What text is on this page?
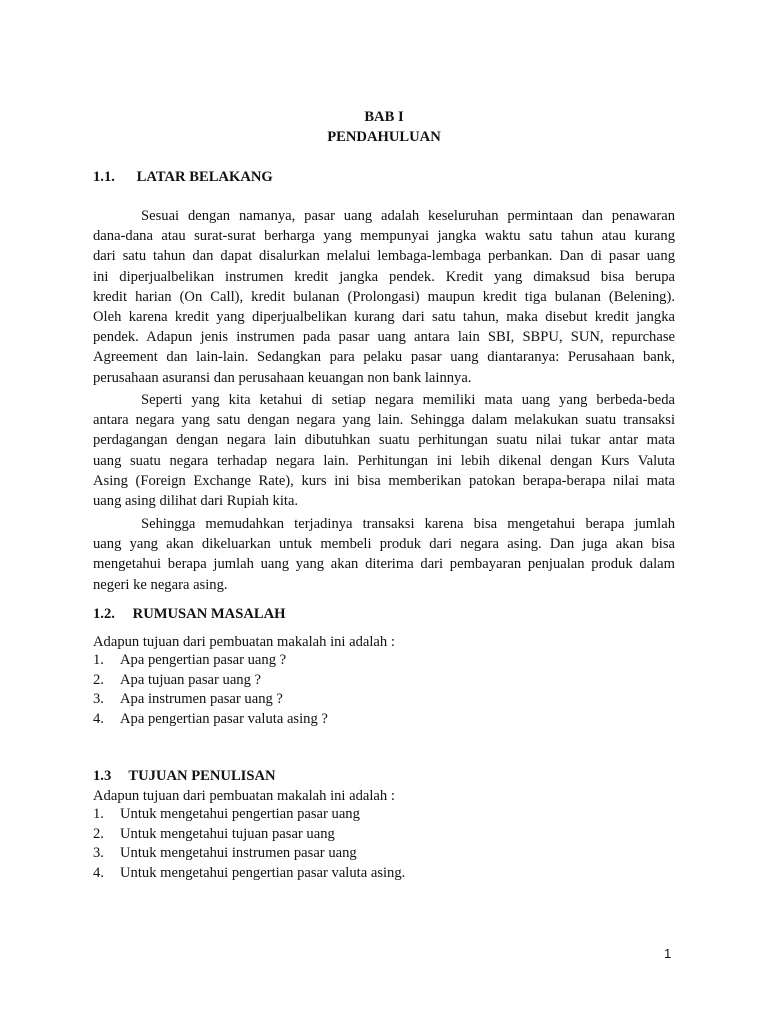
BAB I
PENDAHULUAN
1.1. LATAR BELAKANG

Sesuai dengan namanya, pasar uang adalah keseluruhan permintaan dan penawaran
dana-dana atau surat-surat berharga yang mempunyai jangka waktu satu tahun atau kurang
dari satu tahun dan dapat disalurkan melalui lembaga-lembaga perbankan. Dan di pasar uang
ini diperjualbelikan instrumen kredit jangka pendek. Kredit yang dimaksud bisa berupa
kredit harian (On Call), kredit bulanan (Prolongasi) maupun kredit tiga bulanan (Belening).
Oleh karena kredit yang diperjualbelikan kurang dari satu tahun, maka disebut kredit jangka
pendek. Adapun jenis instrumen pada pasar uang antara lain SBI, SBPU, SUN, repurchase
Agreement dan lain-lain. Sedangkan para pelaku pasar uang diantaranya: Perusahaan bank,
perusahaan asuransi dan perusahaan keuangan non bank lainnya.

Seperti yang kita ketahui di setiap negara memiliki mata uang yang berbeda-beda
antara negara yang satu dengan negara yang lain. Sehingga dalam melakukan suatu transaksi
perdagangan dengan negara lain dibutuhkan suatu perhitungan suatu nilai tukar antar mata
uang suatu negara terhadap negara lain. Perhitungan ini lebih dikenal dengan Kurs Valuta
Asing (Foreign Exchange Rate), kurs ini bisa memberikan patokan berapa-berapa nilai mata
uang asing dilihat dari Rupiah kita.

Sehingga memudahkan terjadinya transaksi karena bisa mengetahui berapa jumlah
uang yang akan dikeluarkan untuk membeli produk dari negara asing. Dan juga akan bisa
mengetahui berapa jumlah uang yang akan diterima dari pembayaran penjualan produk dalam
negeri ke negara asing.

1.2. RUMUSAN MASALAH
Adapun tujuan dari pembuatan makalah ini adalah :
1. Apa pengertian pasar uang ?
2. Apa tujuan pasar uang ?
3. Apa instrumen pasar uang ?
4. Apa pengertian pasar valuta asing ?
1.3 TUJUAN PENULISAN
Adapun tujuan dari pembuatan makalah ini adalah :
1. Untuk mengetahui pengertian pasar uang
2. Untuk mengetahui tujuan pasar uang
3. Untuk mengetahui instrumen pasar uang
4. Untuk mengetahui pengertian pasar valuta asing.
1
